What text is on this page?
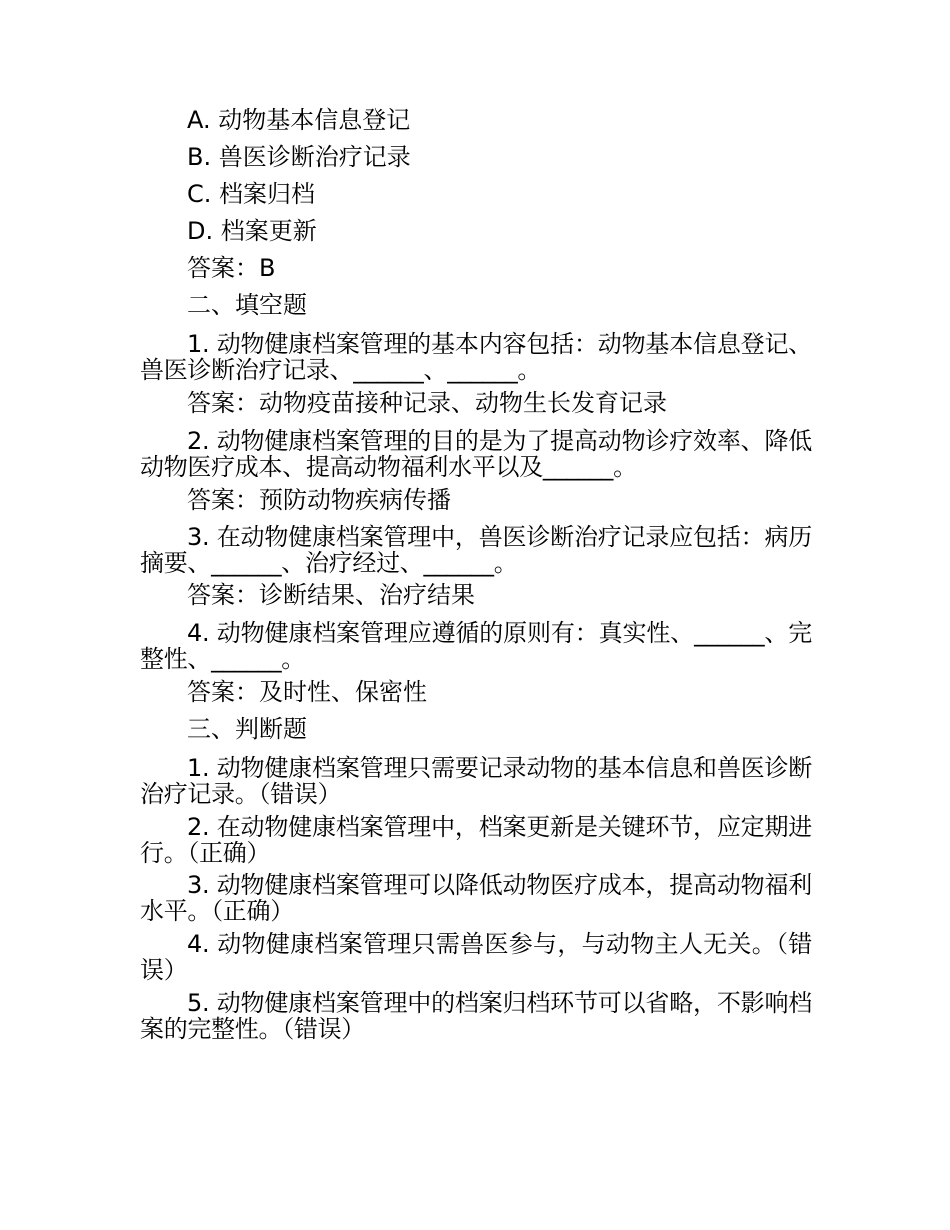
A. 动物基本信息登记
B. 兽医诊断治疗记录
C. 档案归档
D. 档案更新
答案：B
二、填空题
1. 动物健康档案管理的基本内容包括：动物基本信息登记、兽医诊断治疗记录、______、______。
答案：动物疫苗接种记录、动物生长发育记录
2. 动物健康档案管理的目的是为了提高动物诊疗效率、降低动物医疗成本、提高动物福利水平以及______。
答案：预防动物疾病传播
3. 在动物健康档案管理中，兽医诊断治疗记录应包括：病历摘要、______、治疗经过、______。
答案：诊断结果、治疗结果
4. 动物健康档案管理应遵循的原则有：真实性、______、完整性、______。
答案：及时性、保密性
三、判断题
1. 动物健康档案管理只需要记录动物的基本信息和兽医诊断治疗记录。（错误）
2. 在动物健康档案管理中，档案更新是关键环节，应定期进行。（正确）
3. 动物健康档案管理可以降低动物医疗成本，提高动物福利水平。（正确）
4. 动物健康档案管理只需兽医参与，与动物主人无关。（错误）
5. 动物健康档案管理中的档案归档环节可以省略，不影响档案的完整性。（错误）
